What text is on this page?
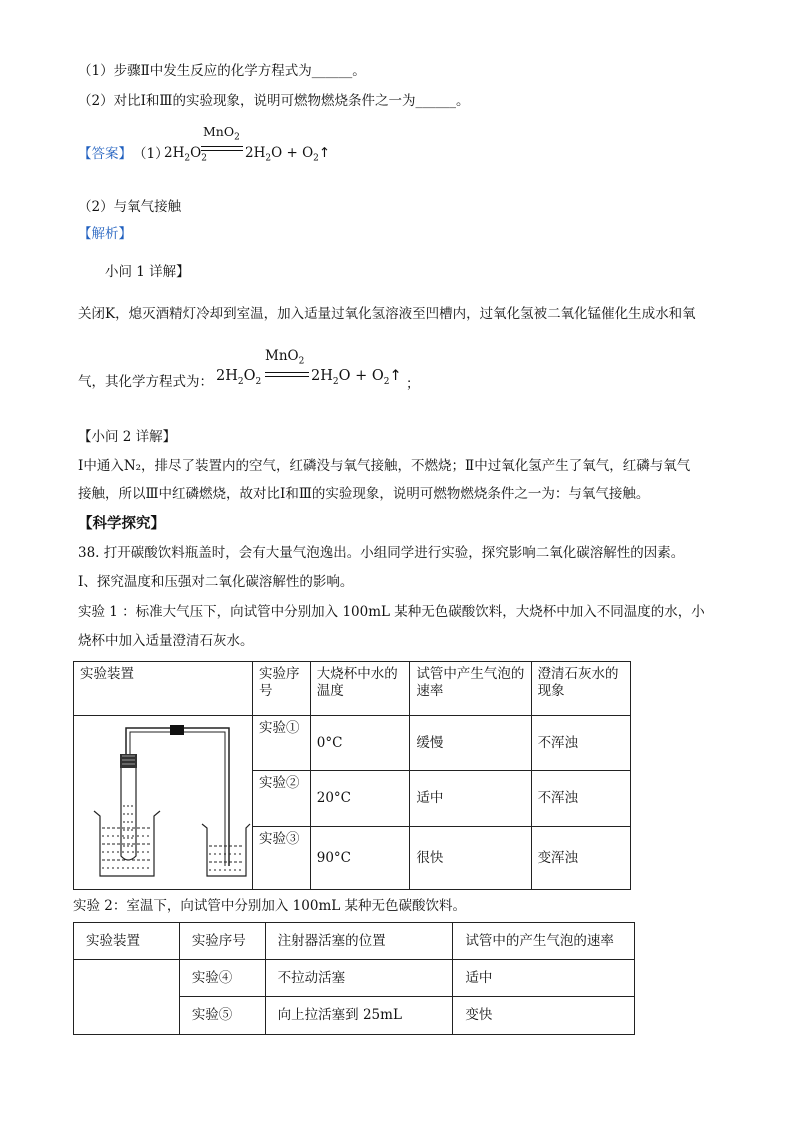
（1）步骤Ⅱ中发生反应的化学方程式为______。
（2）对比Ⅰ和Ⅲ的实验现象，说明可燃物燃烧条件之一为______。
【答案】 （1）
$2H_2O_2$
MnO$_2$
$2H_2O$ + $O_2↑$
（2）与氧气接触
【解析】
小问 1 详解】
关闭K，熄灭酒精灯冷却到室温，加入适量过氧化氢溶液至凹槽内，过氧化氢被二氧化锰催化生成水和氧
气，其化学方程式为： $2H_2O_2$
MnO$_2$
$2H_2O$ + $O_2↑$ ；
【小问 2 详解】
Ⅰ中通入N₂，排尽了装置内的空气，红磷没与氧气接触，不燃烧；Ⅱ中过氧化氢产生了氧气，红磷与氧气
接触，所以Ⅲ中红磷燃烧，故对比Ⅰ和Ⅲ的实验现象，说明可燃物燃烧条件之一为：与氧气接触。
【科学探究】
38. 打开碳酸饮料瓶盖时，会有大量气泡逸出。小组同学进行实验，探究影响二氧化碳溶解性的因素。
I、探究温度和压强对二氧化碳溶解性的影响。
实验 1 ：标准大气压下，向试管中分别加入 100mL 某种无色碳酸饮料，大烧杯中加入不同温度的水，小
烧杯中加入适量澄清石灰水。
实验装置	实验序号	大烧杯中水的温度	试管中产生气泡的速率	澄清石灰水的现象
	实验①	0°C	缓慢	不浑浊
	实验②	20°C	适中	不浑浊
	实验③	90°C	很快	变浑浊
实验 2：室温下，向试管中分别加入 100mL 某种无色碳酸饮料。
实验装置	实验序号	注射器活塞的位置	试管中的产生气泡的速率
	实验④	不拉动活塞	适中
	实验⑤	向上拉活塞到 25mL	变快
